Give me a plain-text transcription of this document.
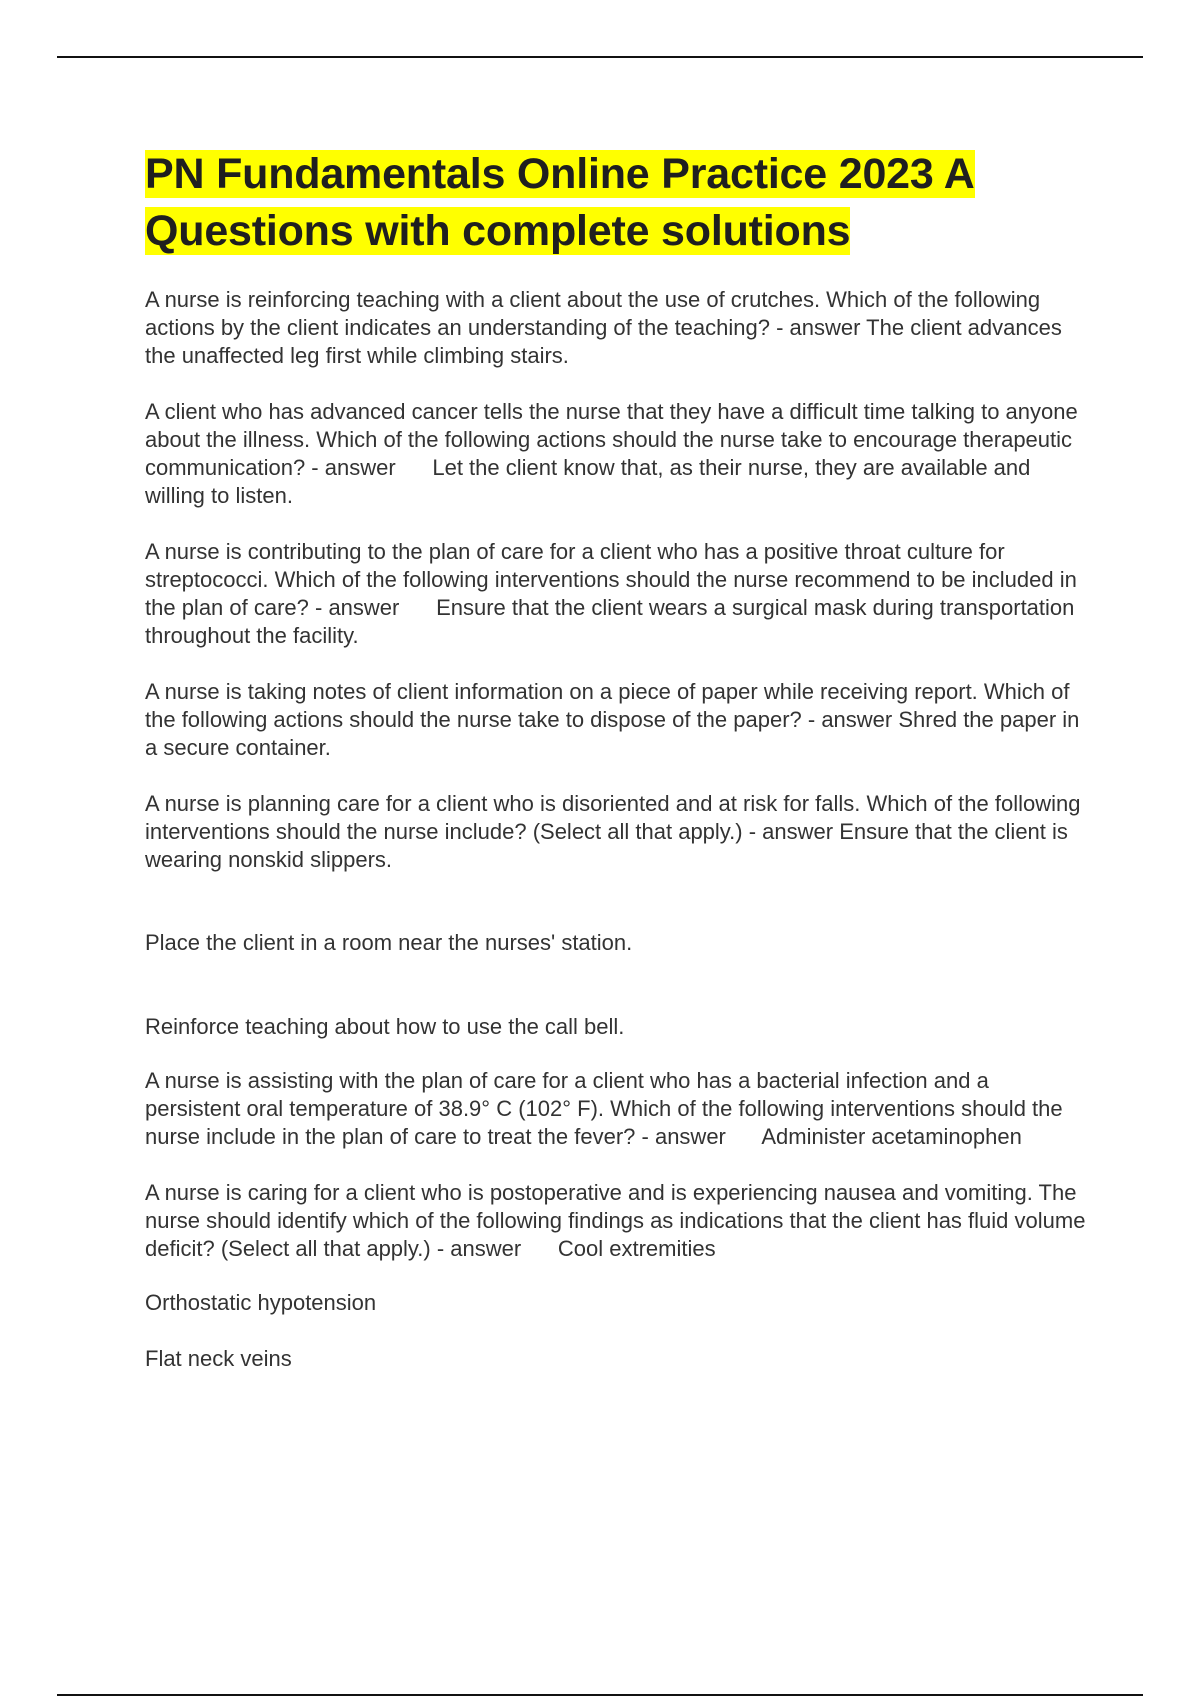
PN Fundamentals Online Practice 2023 A
Questions with complete solutions

A nurse is reinforcing teaching with a client about the use of crutches. Which of the following actions by the client indicates an understanding of the teaching? - answer The client advances the unaffected leg first while climbing stairs.

A client who has advanced cancer tells the nurse that they have a difficult time talking to anyone about the illness. Which of the following actions should the nurse take to encourage therapeutic communication? - answer Let the client know that, as their nurse, they are available and willing to listen.

A nurse is contributing to the plan of care for a client who has a positive throat culture for streptococci. Which of the following interventions should the nurse recommend to be included in the plan of care? - answer Ensure that the client wears a surgical mask during transportation throughout the facility.

A nurse is taking notes of client information on a piece of paper while receiving report. Which of the following actions should the nurse take to dispose of the paper? - answer Shred the paper in a secure container.

A nurse is planning care for a client who is disoriented and at risk for falls. Which of the following interventions should the nurse include? (Select all that apply.) - answer Ensure that the client is wearing nonskid slippers.

Place the client in a room near the nurses' station.

Reinforce teaching about how to use the call bell.

A nurse is assisting with the plan of care for a client who has a bacterial infection and a persistent oral temperature of 38.9° C (102° F). Which of the following interventions should the nurse include in the plan of care to treat the fever? - answer Administer acetaminophen

A nurse is caring for a client who is postoperative and is experiencing nausea and vomiting. The nurse should identify which of the following findings as indications that the client has fluid volume deficit? (Select all that apply.) - answer Cool extremities

Orthostatic hypotension

Flat neck veins
